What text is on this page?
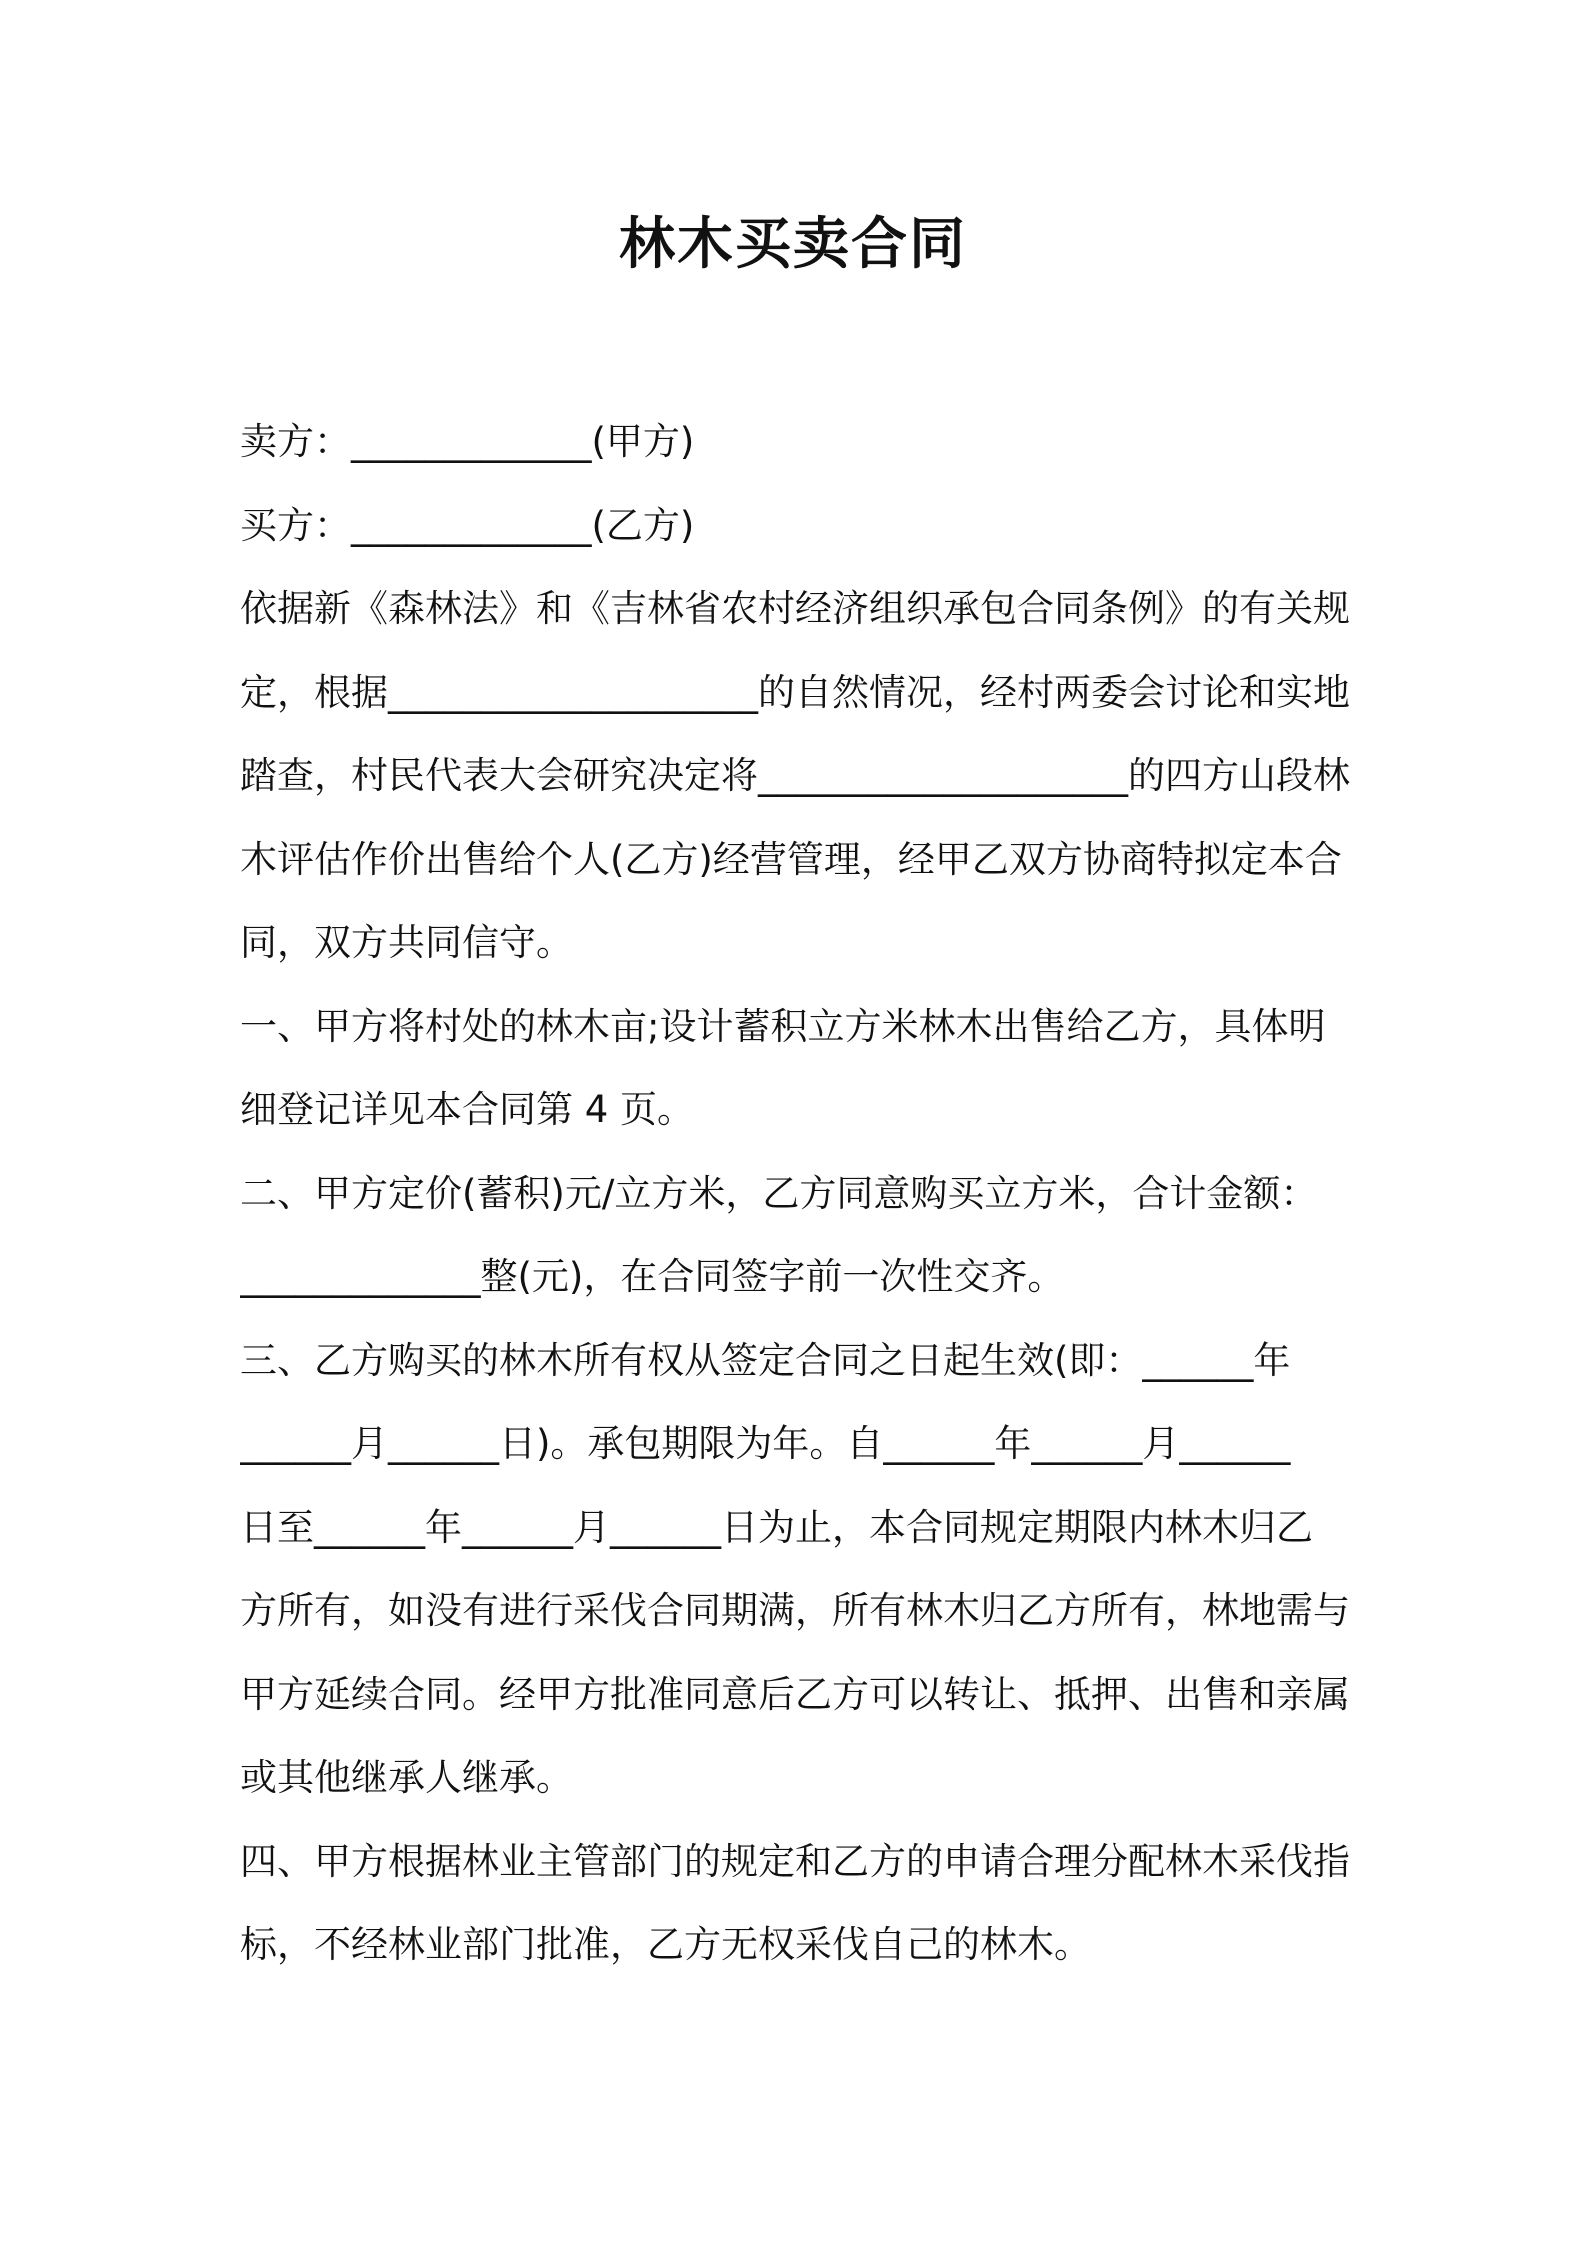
林木买卖合同
卖方：_____________(甲方)
买方：_____________(乙方)
依据新《森林法》和《吉林省农村经济组织承包合同条例》的有关规
定，根据____________________的自然情况，经村两委会讨论和实地
踏查，村民代表大会研究决定将____________________的四方山段林
木评估作价出售给个人(乙方)经营管理，经甲乙双方协商特拟定本合
同，双方共同信守。
一、甲方将村处的林木亩;设计蓄积立方米林木出售给乙方，具体明
细登记详见本合同第 4 页。
二、甲方定价(蓄积)元/立方米，乙方同意购买立方米，合计金额：
_____________整(元)，在合同签字前一次性交齐。
三、乙方购买的林木所有权从签定合同之日起生效(即：______年
______月______日)。承包期限为年。自______年______月______
日至______年______月______日为止，本合同规定期限内林木归乙
方所有，如没有进行采伐合同期满，所有林木归乙方所有，林地需与
甲方延续合同。经甲方批准同意后乙方可以转让、抵押、出售和亲属
或其他继承人继承。
四、甲方根据林业主管部门的规定和乙方的申请合理分配林木采伐指
标，不经林业部门批准，乙方无权采伐自己的林木。
